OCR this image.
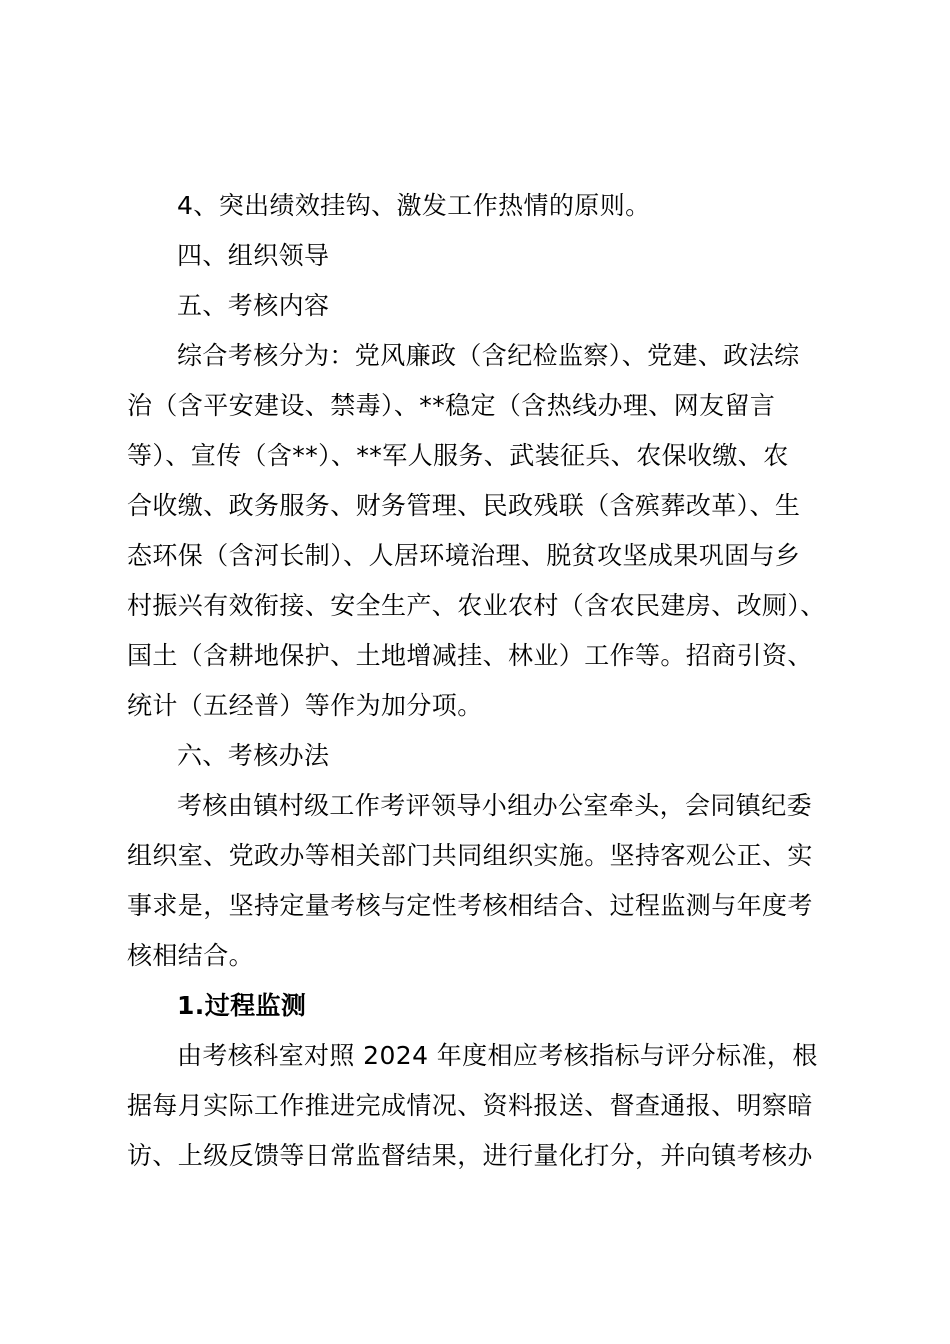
4、突出绩效挂钩、激发工作热情的原则。
四、组织领导
五、考核内容
综合考核分为：党风廉政（含纪检监察）、党建、政法综
治（含平安建设、禁毒）、**稳定（含热线办理、网友留言
等）、宣传（含**）、**军人服务、武装征兵、农保收缴、农
合收缴、政务服务、财务管理、民政残联（含殡葬改革）、生
态环保（含河长制）、人居环境治理、脱贫攻坚成果巩固与乡
村振兴有效衔接、安全生产、农业农村（含农民建房、改厕）、
国土（含耕地保护、土地增减挂、林业）工作等。招商引资、
统计（五经普）等作为加分项。
六、考核办法
考核由镇村级工作考评领导小组办公室牵头，会同镇纪委
组织室、党政办等相关部门共同组织实施。坚持客观公正、实
事求是，坚持定量考核与定性考核相结合、过程监测与年度考
核相结合。
1.过程监测
由考核科室对照 2024 年度相应考核指标与评分标准，根
据每月实际工作推进完成情况、资料报送、督查通报、明察暗
访、上级反馈等日常监督结果，进行量化打分，并向镇考核办
